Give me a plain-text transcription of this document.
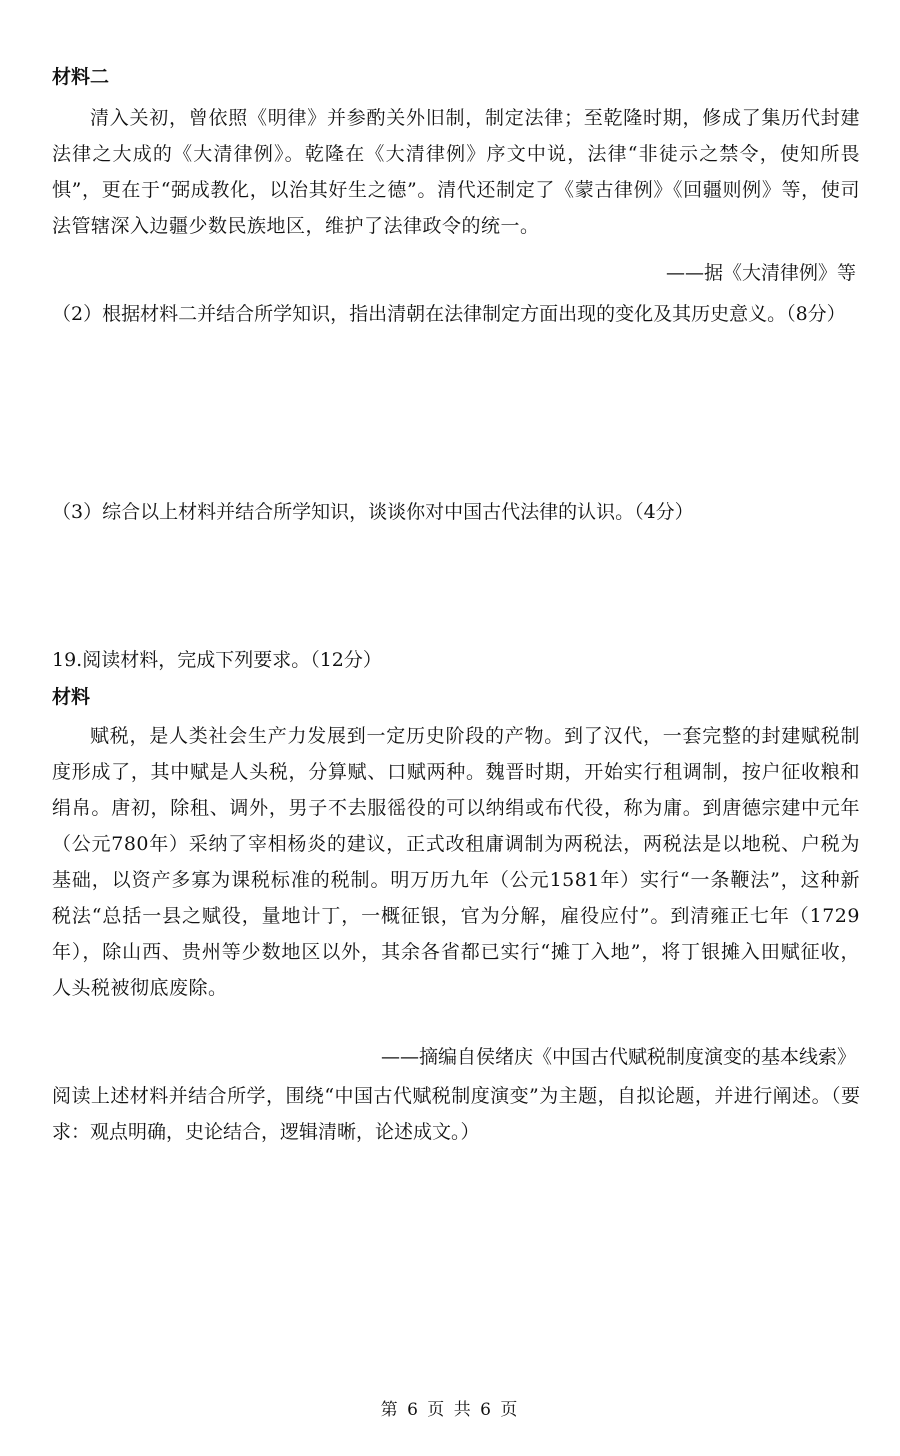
材料二

清入关初，曾依照《明律》并参酌关外旧制，制定法律；至乾隆时期，修成了集历代封建法律之大成的《大清律例》。乾隆在《大清律例》序文中说，法律“非徒示之禁令，使知所畏惧”，更在于“弼成教化，以治其好生之德”。清代还制定了《蒙古律例》《回疆则例》等，使司法管辖深入边疆少数民族地区，维护了法律政令的统一。

——据《大清律例》等

（2）根据材料二并结合所学知识，指出清朝在法律制定方面出现的变化及其历史意义。（8分）

（3）综合以上材料并结合所学知识，谈谈你对中国古代法律的认识。（4分）

19.阅读材料，完成下列要求。（12分）

材料

赋税，是人类社会生产力发展到一定历史阶段的产物。到了汉代，一套完整的封建赋税制度形成了，其中赋是人头税，分算赋、口赋两种。魏晋时期，开始实行租调制，按户征收粮和绢帛。唐初，除租、调外，男子不去服徭役的可以纳绢或布代役，称为庸。到唐德宗建中元年（公元780年）采纳了宰相杨炎的建议，正式改租庸调制为两税法，两税法是以地税、户税为基础，以资产多寡为课税标准的税制。明万历九年（公元1581年）实行“一条鞭法”，这种新税法“总括一县之赋役，量地计丁，一概征银，官为分解，雇役应付”。到清雍正七年（1729年），除山西、贵州等少数地区以外，其余各省都已实行“摊丁入地”，将丁银摊入田赋征收，人头税被彻底废除。

——摘编自侯绪庆《中国古代赋税制度演变的基本线索》

阅读上述材料并结合所学，围绕“中国古代赋税制度演变”为主题，自拟论题，并进行阐述。（要求：观点明确，史论结合，逻辑清晰，论述成文。）

第 6 页 共 6 页
